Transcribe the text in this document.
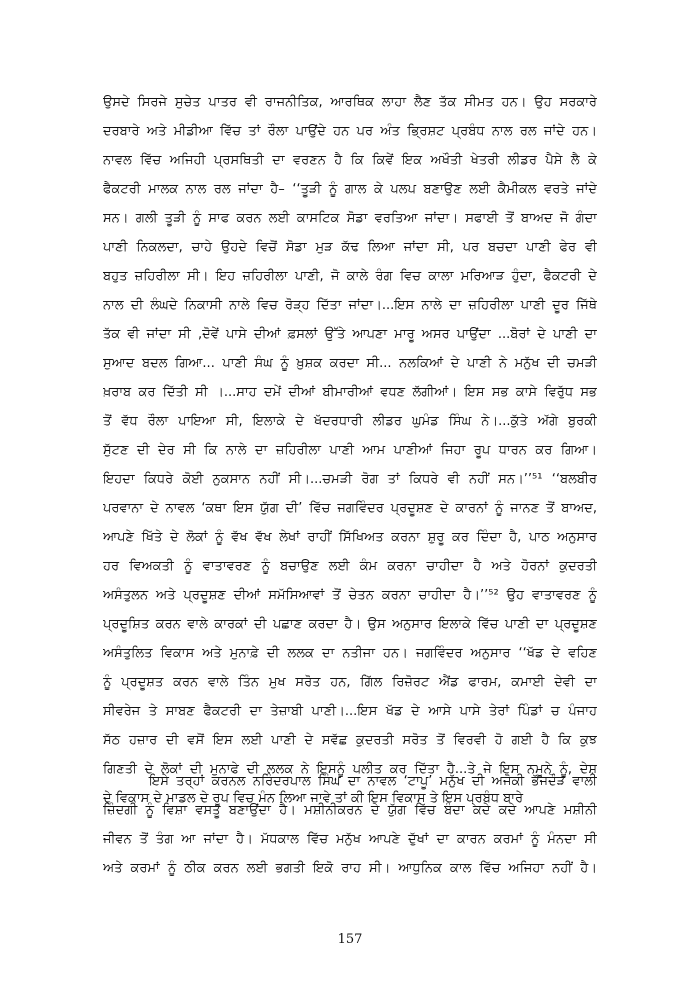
ਉਸਦੇ ਸਿਰਜੇ ਸੁਚੇਤ ਪਾਤਰ ਵੀ ਰਾਜਨੀਤਿਕ, ਆਰਥਿਕ ਲਾਹਾ ਲੈਣ ਤੱਕ ਸੀਮਤ ਹਨ। ਉਹ ਸਰਕਾਰੇ
ਦਰਬਾਰੇ ਅਤੇ ਮੀਡੀਆ ਵਿੱਚ ਤਾਂ ਰੌਲਾ ਪਾਉਂਦੇ ਹਨ ਪਰ ਅੰਤ ਭ੍ਰਿਸ਼ਟ ਪ੍ਰਬੰਧ ਨਾਲ ਰਲ ਜਾਂਦੇ ਹਨ।
ਨਾਵਲ ਵਿੱਚ ਅਜਿਹੀ ਪ੍ਰਸਥਿਤੀ ਦਾ ਵਰਣਨ ਹੈ ਕਿ ਕਿਵੇਂ ਇਕ ਅਖੌਤੀ ਖੇਤਰੀ ਲੀਡਰ ਪੈਸੇ ਲੈ ਕੇ
ਫੈਕਟਰੀ ਮਾਲਕ ਨਾਲ ਰਲ ਜਾਂਦਾ ਹੈ– ‘‘ਤੂੜੀ ਨੂੰ ਗਾਲ ਕੇ ਪਲਪ ਬਣਾਉਣ ਲਈ ਕੈਮੀਕਲ ਵਰਤੇ ਜਾਂਦੇ
ਸਨ। ਗਲੀ ਤੂੜੀ ਨੂੰ ਸਾਫ ਕਰਨ ਲਈ ਕਾਸਟਿਕ ਸੋਡਾ ਵਰਤਿਆ ਜਾਂਦਾ। ਸਫਾਈ ਤੋਂ ਬਾਅਦ ਜੋ ਗੰਦਾ
ਪਾਣੀ ਨਿਕਲਦਾ, ਚਾਹੇ ਉਹਦੇ ਵਿਚੋਂ ਸੋਡਾ ਮੁੜ ਕੱਢ ਲਿਆ ਜਾਂਦਾ ਸੀ, ਪਰ ਬਚਦਾ ਪਾਣੀ ਫੇਰ ਵੀ
ਬਹੁਤ ਜ਼ਹਿਰੀਲਾ ਸੀ। ਇਹ ਜ਼ਹਿਰੀਲਾ ਪਾਣੀ, ਜੋ ਕਾਲੇ ਰੰਗ ਵਿਚ ਕਾਲਾ ਮਰਿਆੜ ਹੁੰਦਾ, ਫੈਕਟਰੀ ਦੇ
ਨਾਲ ਦੀ ਲੰਘਦੇ ਨਿਕਾਸੀ ਨਾਲੇ ਵਿਚ ਰੋੜ੍ਹ ਦਿੱਤਾ ਜਾਂਦਾ।...ਇਸ ਨਾਲੇ ਦਾ ਜ਼ਹਿਰੀਲਾ ਪਾਣੀ ਦੂਰ ਜਿੱਥੇ
ਤੱਕ ਵੀ ਜਾਂਦਾ ਸੀ ,ਦੋਵੇਂ ਪਾਸੇ ਦੀਆਂ ਫ਼ਸਲਾਂ ਉੱਤੇ ਆਪਣਾ ਮਾਰੂ ਅਸਰ ਪਾਉਂਦਾ ...ਬੋਰਾਂ ਦੇ ਪਾਣੀ ਦਾ
ਸੁਆਦ ਬਦਲ ਗਿਆ... ਪਾਣੀ ਸੰਘ ਨੂੰ ਖ਼ੁਸ਼ਕ ਕਰਦਾ ਸੀ... ਨਲਕਿਆਂ ਦੇ ਪਾਣੀ ਨੇ ਮਨੁੱਖ ਦੀ ਚਮੜੀ
ਖ਼ਰਾਬ ਕਰ ਦਿੱਤੀ ਸੀ ।...ਸਾਹ ਦਮੇਂ ਦੀਆਂ ਬੀਮਾਰੀਆਂ ਵਧਣ ਲੱਗੀਆਂ। ਇਸ ਸਭ ਕਾਸੇ ਵਿਰੁੱਧ ਸਭ
ਤੋਂ ਵੱਧ ਰੌਲਾ ਪਾਇਆ ਸੀ, ਇਲਾਕੇ ਦੇ ਖੱਦਰਧਾਰੀ ਲੀਡਰ ਘੁਮੰਡ ਸਿੰਘ ਨੇ।...ਕੁੱਤੇ ਅੱਗੇ ਬੁਰਕੀ
ਸੁੱਟਣ ਦੀ ਦੇਰ ਸੀ ਕਿ ਨਾਲੇ ਦਾ ਜ਼ਹਿਰੀਲਾ ਪਾਣੀ ਆਮ ਪਾਣੀਆਂ ਜਿਹਾ ਰੂਪ ਧਾਰਨ ਕਰ ਗਿਆ।
ਇਹਦਾ ਕਿਧਰੇ ਕੋਈ ਨੁਕਸਾਨ ਨਹੀਂ ਸੀ।...ਚਮੜੀ ਰੋਗ ਤਾਂ ਕਿਧਰੇ ਵੀ ਨਹੀਂ ਸਨ।’’⁵¹ ‘‘ਬਲਬੀਰ
ਪਰਵਾਨਾ ਦੇ ਨਾਵਲ ‘ਕਥਾ ਇਸ ਯੁੱਗ ਦੀ’ ਵਿੱਚ ਜਗਵਿੰਦਰ ਪ੍ਰਦੂਸ਼ਣ ਦੇ ਕਾਰਨਾਂ ਨੂੰ ਜਾਨਣ ਤੋਂ ਬਾਅਦ,
ਆਪਣੇ ਖਿੱਤੇ ਦੇ ਲੋਕਾਂ ਨੂੰ ਵੱਖ ਵੱਖ ਲੇਖਾਂ ਰਾਹੀਂ ਸਿੱਖਿਅਤ ਕਰਨਾ ਸ਼ੁਰੂ ਕਰ ਦਿੰਦਾ ਹੈ, ਪਾਠ ਅਨੁਸਾਰ
ਹਰ ਵਿਅਕਤੀ ਨੂੰ ਵਾਤਾਵਰਣ ਨੂੰ ਬਚਾਉਣ ਲਈ ਕੰਮ ਕਰਨਾ ਚਾਹੀਦਾ ਹੈ ਅਤੇ ਹੋਰਨਾਂ ਕੁਦਰਤੀ
ਅਸੰਤੁਲਨ ਅਤੇ ਪ੍ਰਦੂਸ਼ਣ ਦੀਆਂ ਸਮੱਸਿਆਵਾਂ ਤੋਂ ਚੇਤਨ ਕਰਨਾ ਚਾਹੀਦਾ ਹੈ।’’⁵² ਉਹ ਵਾਤਾਵਰਣ ਨੂੰ
ਪ੍ਰਦੂਸ਼ਿਤ ਕਰਨ ਵਾਲੇ ਕਾਰਕਾਂ ਦੀ ਪਛਾਣ ਕਰਦਾ ਹੈ। ਉਸ ਅਨੁਸਾਰ ਇਲਾਕੇ ਵਿੱਚ ਪਾਣੀ ਦਾ ਪ੍ਰਦੂਸ਼ਣ
ਅਸੰਤੁਲਿਤ ਵਿਕਾਸ ਅਤੇ ਮੁਨਾਫ਼ੇ ਦੀ ਲਲਕ ਦਾ ਨਤੀਜਾ ਹਨ। ਜਗਵਿੰਦਰ ਅਨੁਸਾਰ ‘‘ਖੱਡ ਦੇ ਵਹਿਣ
ਨੂੰ ਪ੍ਰਦੂਸ਼ਤ ਕਰਨ ਵਾਲੇ ਤਿੰਨ ਮੁਖ ਸਰੋਤ ਹਨ, ਗਿੱਲ ਰਿਜ਼ੋਰਟ ਐਂਡ ਫਾਰਮ, ਕਮਾਈ ਦੇਵੀ ਦਾ
ਸੀਵਰੇਜ ਤੇ ਸਾਬਣ ਫੈਕਟਰੀ ਦਾ ਤੇਜ਼ਾਬੀ ਪਾਣੀ।...ਇਸ ਖੱਡ ਦੇ ਆਸੇ ਪਾਸੇ ਤੇਰਾਂ ਪਿੰਡਾਂ ਚ ਪੰਜਾਹ
ਸੱਠ ਹਜ਼ਾਰ ਦੀ ਵਸੋਂ ਇਸ ਲਈ ਪਾਣੀ ਦੇ ਸਵੱਛ ਕੁਦਰਤੀ ਸਰੋਤ ਤੋਂ ਵਿਰਵੀ ਹੋ ਗਈ ਹੈ ਕਿ ਕੁਝ
ਗਿਣਤੀ ਦੇ ਲੋਕਾਂ ਦੀ ਮੁਨਾਫੇ ਦੀ ਲਲਕ ਨੇ ਇਸਨੂੰ ਪਲੀਤ ਕਰ ਦਿੱਤਾ ਹੈ...ਤੇ ਜੇ ਇਸ ਨਮੂਨੇ ਨੂੰ, ਦੇਸ਼
ਦੇ ਵਿਕਾਸ ਦੇ ਮਾਡਲ ਦੇ ਰੂਪ ਵਿਚ ਮੰਨ ਲਿਆ ਜਾਵੇ ਤਾਂ ਕੀ ਇਸ ਵਿਕਾਸ ਤੇ ਇਸ ਪ੍ਰਬੰਧ ਬਾਰੇ
ਇਸੇ ਤਰ੍ਹਾਂ ਕਰਨਲ ਨਰਿੰਦਰਪਾਲ ਸਿੰਘ ਦਾ ਨਾਵਲ ‘ਟਾਪੂ’ ਮਨੁੱਖ ਦੀ ਅਜੋਕੀ ਭੱਜਦੌੜ ਵਾਲੀ
ਜ਼ਿੰਦਗੀ ਨੂੰ ਵਿਸ਼ਾ ਵਸਤੂ ਬਣਾਉਂਦਾ ਹੈ। ਮਸ਼ੀਨੀਕਰਨ ਦੇ ਯੁੱਗ ਵਿੱਚ ਬੰਦਾ ਕਦੇ ਕਦੇ ਆਪਣੇ ਮਸ਼ੀਨੀ
ਜੀਵਨ ਤੋਂ ਤੰਗ ਆ ਜਾਂਦਾ ਹੈ। ਮੱਧਕਾਲ ਵਿੱਚ ਮਨੁੱਖ ਆਪਣੇ ਦੁੱਖਾਂ ਦਾ ਕਾਰਨ ਕਰਮਾਂ ਨੂੰ ਮੰਨਦਾ ਸੀ
ਅਤੇ ਕਰਮਾਂ ਨੂੰ ਠੀਕ ਕਰਨ ਲਈ ਭਗਤੀ ਇਕੋ ਰਾਹ ਸੀ। ਆਧੁਨਿਕ ਕਾਲ ਵਿੱਚ ਅਜਿਹਾ ਨਹੀਂ ਹੈ।
157
